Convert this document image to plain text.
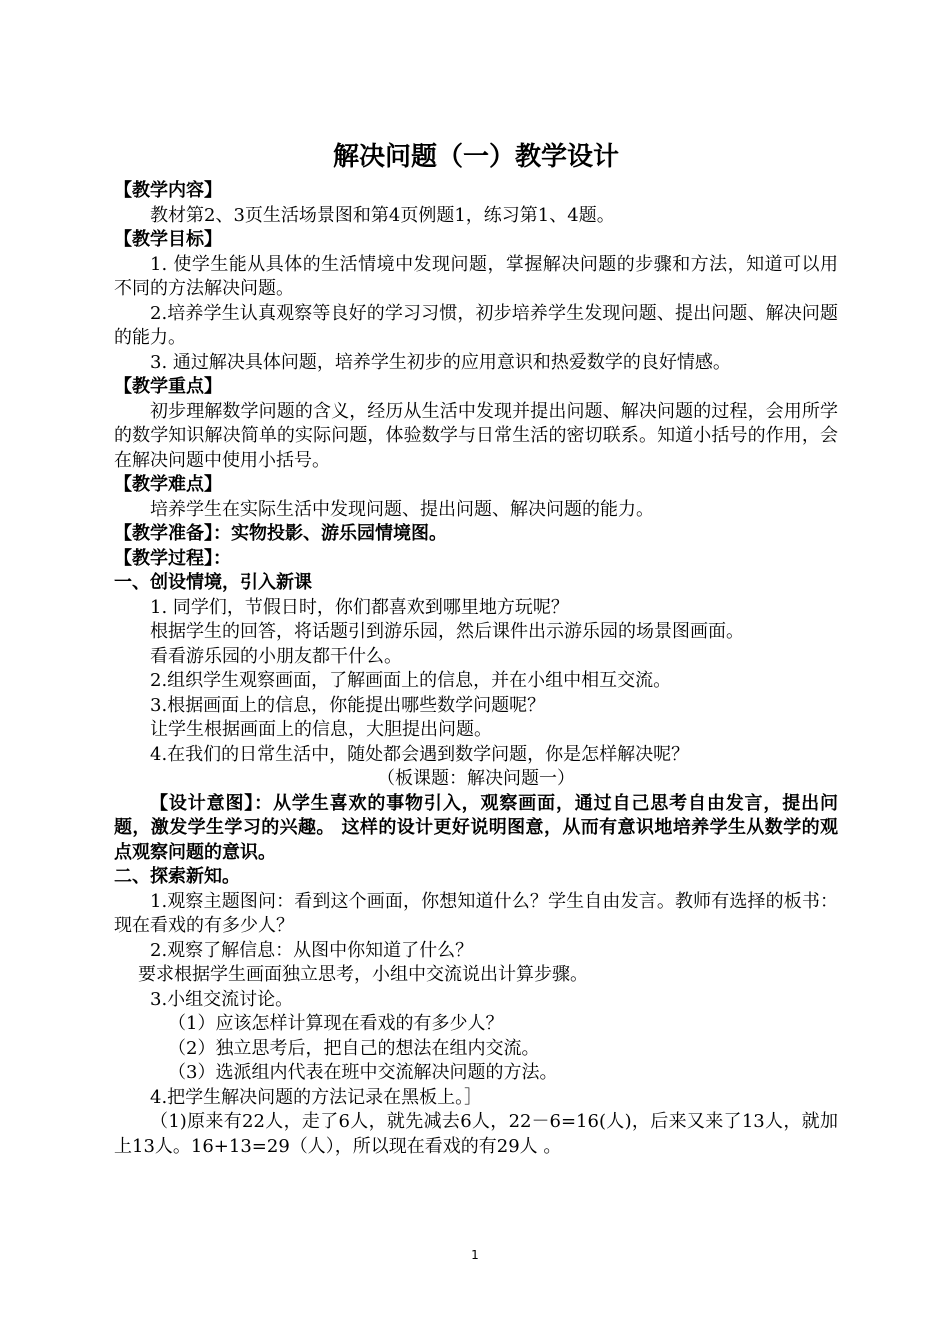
解决问题（一）教学设计
【教学内容】
教材第2、3页生活场景图和第4页例题1，练习第1、4题。
【教学目标】
1. 使学生能从具体的生活情境中发现问题，掌握解决问题的步骤和方法，知道可以用不同的方法解决问题。
2.培养学生认真观察等良好的学习习惯，初步培养学生发现问题、提出问题、解决问题的能力。
3. 通过解决具体问题，培养学生初步的应用意识和热爱数学的良好情感。
【教学重点】
初步理解数学问题的含义，经历从生活中发现并提出问题、解决问题的过程，会用所学的数学知识解决简单的实际问题，体验数学与日常生活的密切联系。知道小括号的作用，会在解决问题中使用小括号。
【教学难点】
培养学生在实际生活中发现问题、提出问题、解决问题的能力。
【教学准备】：实物投影、游乐园情境图。
【教学过程】：
一、创设情境，引入新课
1. 同学们，节假日时，你们都喜欢到哪里地方玩呢？
根据学生的回答，将话题引到游乐园，然后课件出示游乐园的场景图画面。
看看游乐园的小朋友都干什么。
2.组织学生观察画面，了解画面上的信息，并在小组中相互交流。
3.根据画面上的信息，你能提出哪些数学问题呢？
让学生根据画面上的信息，大胆提出问题。
4.在我们的日常生活中，随处都会遇到数学问题，你是怎样解决呢？
（板课题：解决问题一）
【设计意图】：从学生喜欢的事物引入，观察画面，通过自己思考自由发言，提出问题，激发学生学习的兴趣。 这样的设计更好说明图意，从而有意识地培养学生从数学的观点观察问题的意识。
二、探索新知。
1.观察主题图问：看到这个画面，你想知道什么？学生自由发言。教师有选择的板书：现在看戏的有多少人？
2.观察了解信息：从图中你知道了什么？
要求根据学生画面独立思考，小组中交流说出计算步骤。
3.小组交流讨论。
（1）应该怎样计算现在看戏的有多少人？
（2）独立思考后，把自己的想法在组内交流。
（3）选派组内代表在班中交流解决问题的方法。
4.把学生解决问题的方法记录在黑板上。］
（1)原来有22人，走了6人，就先减去6人，22－6=16(人)，后来又来了13人，就加上13人。16+13=29（人），所以现在看戏的有29人 。
1
